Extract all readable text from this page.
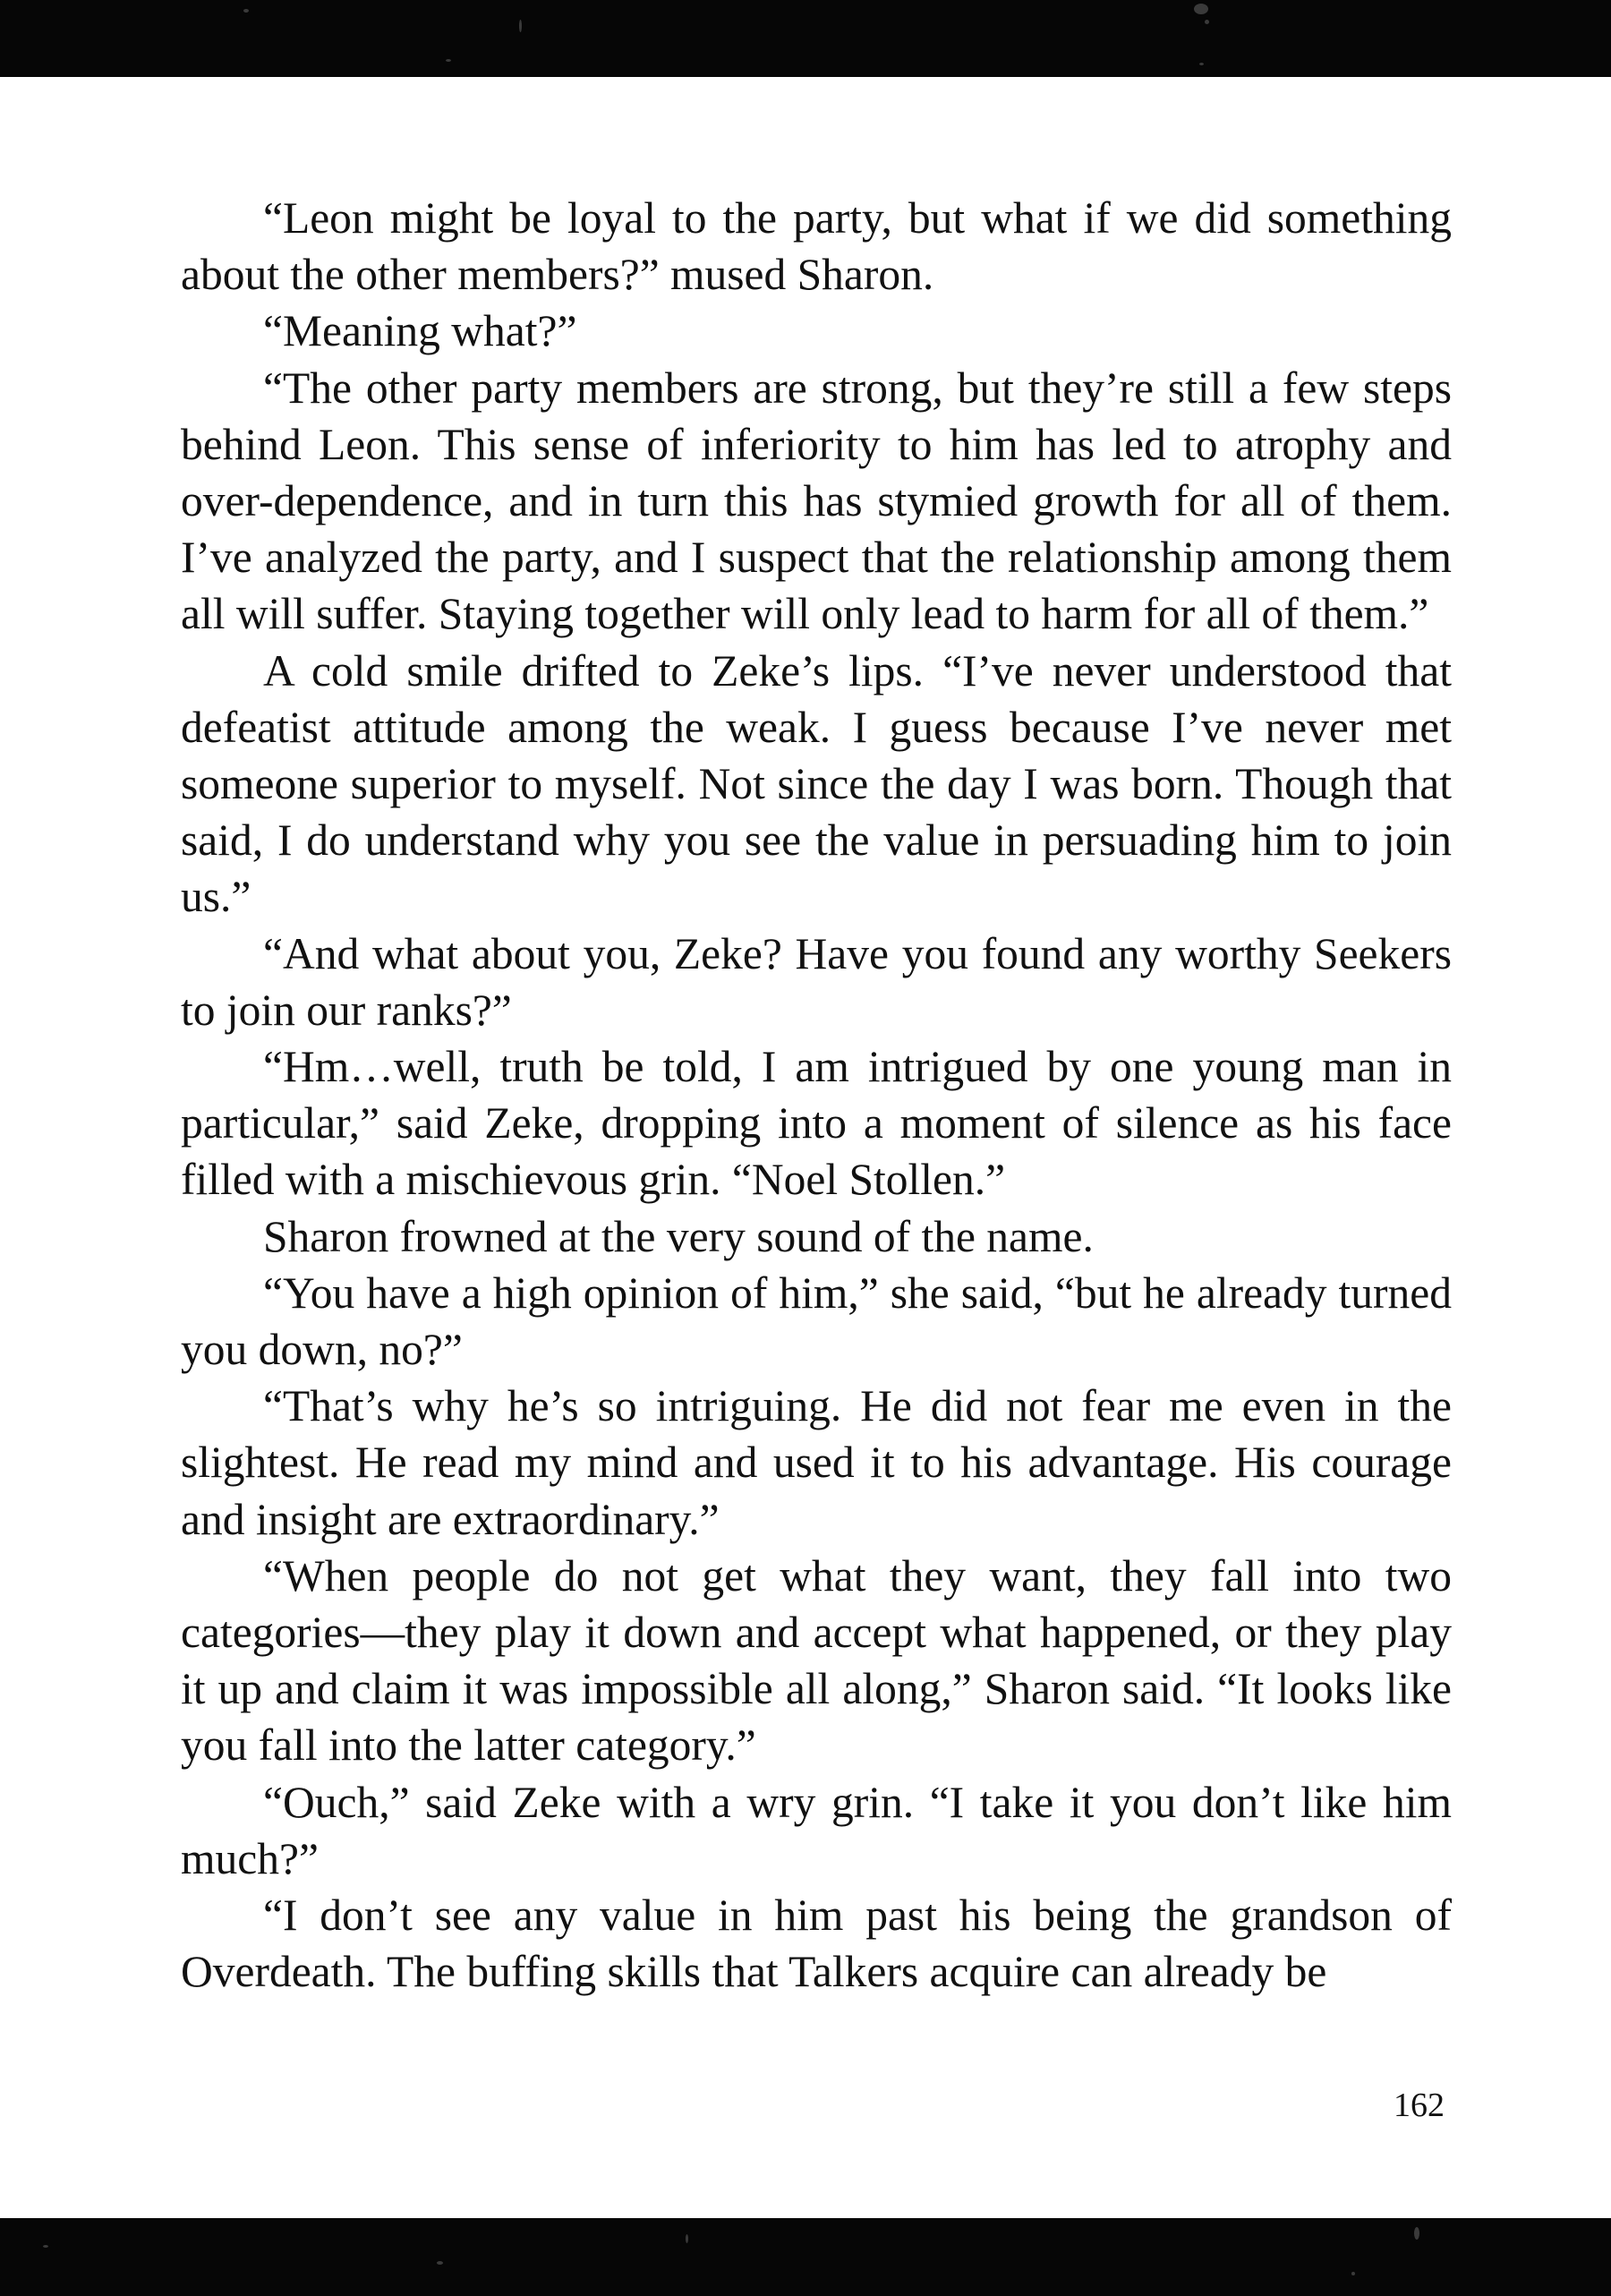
“Leon might be loyal to the party, but what if we did something about the other members?” mused Sharon.

“Meaning what?”

“The other party members are strong, but they’re still a few steps behind Leon. This sense of inferiority to him has led to atrophy and over-dependence, and in turn this has stymied growth for all of them. I’ve analyzed the party, and I suspect that the relationship among them all will suffer. Staying together will only lead to harm for all of them.”

A cold smile drifted to Zeke’s lips. “I’ve never understood that defeatist attitude among the weak. I guess because I’ve never met someone superior to myself. Not since the day I was born. Though that said, I do understand why you see the value in persuading him to join us.”

“And what about you, Zeke? Have you found any worthy Seekers to join our ranks?”

“Hm…well, truth be told, I am intrigued by one young man in particular,” said Zeke, dropping into a moment of silence as his face filled with a mischievous grin. “Noel Stollen.”

Sharon frowned at the very sound of the name.

“You have a high opinion of him,” she said, “but he already turned you down, no?”

“That’s why he’s so intriguing. He did not fear me even in the slightest. He read my mind and used it to his advantage. His courage and insight are extraordinary.”

“When people do not get what they want, they fall into two categories—they play it down and accept what happened, or they play it up and claim it was impossible all along,” Sharon said. “It looks like you fall into the latter category.”

“Ouch,” said Zeke with a wry grin. “I take it you don’t like him much?”

“I don’t see any value in him past his being the grandson of Overdeath. The buffing skills that Talkers acquire can already be

162
